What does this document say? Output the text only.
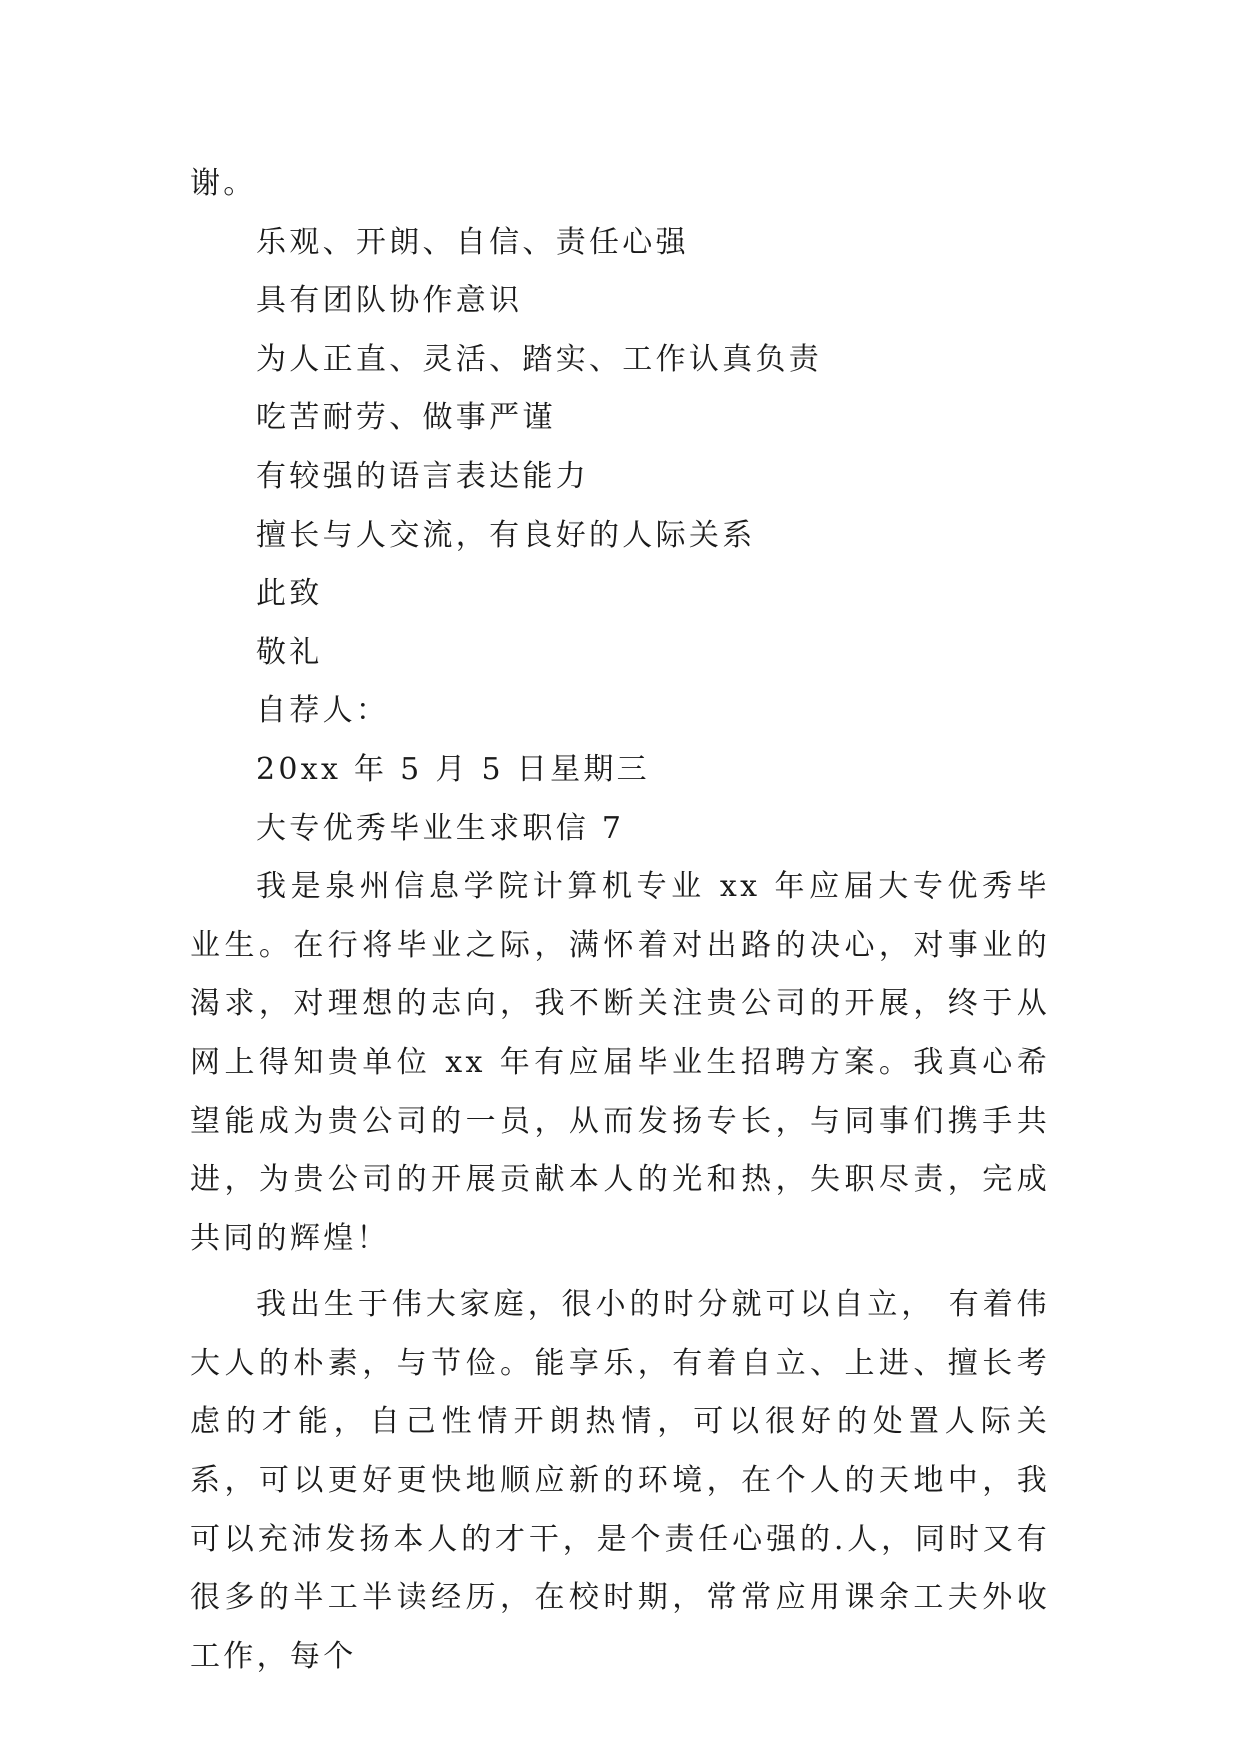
谢。
乐观、开朗、自信、责任心强
具有团队协作意识
为人正直、灵活、踏实、工作认真负责
吃苦耐劳、做事严谨
有较强的语言表达能力
擅长与人交流，有良好的人际关系
此致
敬礼
自荐人：
20xx 年 5 月 5 日星期三
大专优秀毕业生求职信 7
我是泉州信息学院计算机专业 xx 年应届大专优秀毕业生。在行将毕业之际，满怀着对出路的决心，对事业的渴求，对理想的志向，我不断关注贵公司的开展，终于从网上得知贵单位 xx 年有应届毕业生招聘方案。我真心希望能成为贵公司的一员，从而发扬专长，与同事们携手共进，为贵公司的开展贡献本人的光和热，失职尽责，完成共同的辉煌！
我出生于伟大家庭，很小的时分就可以自立， 有着伟大人的朴素，与节俭。能享乐，有着自立、上进、擅长考虑的才能，自己性情开朗热情，可以很好的处置人际关系，可以更好更快地顺应新的环境，在个人的天地中，我可以充沛发扬本人的才干，是个责任心强的.人，同时又有很多的半工半读经历，在校时期，常常应用课余工夫外收工作，每个
